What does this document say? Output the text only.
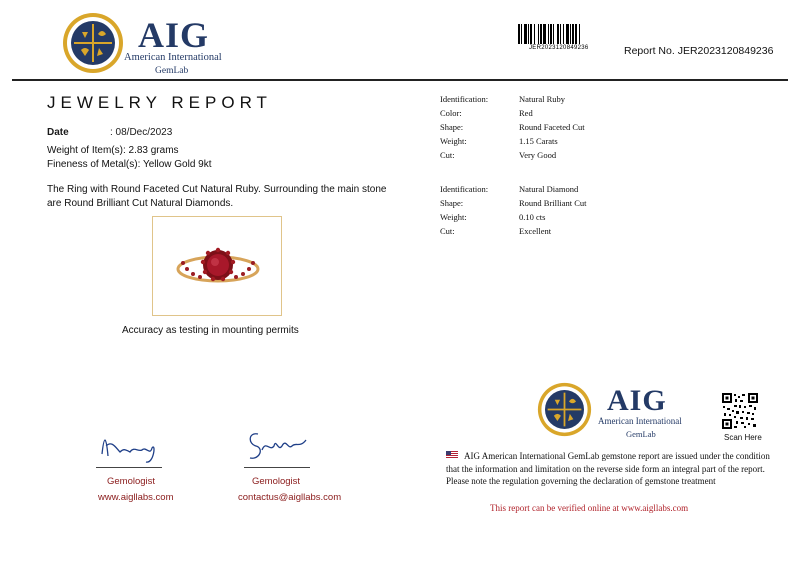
AIG
American International
GemLab
JER2023120849236	Report No. JER2023120849236
JEWELRY REPORT
Date	: 08/Dec/2023
Weight of Item(s): 2.83 grams
Fineness of Metal(s): Yellow Gold 9kt
The Ring with Round Faceted Cut Natural Ruby. Surrounding the main stone are Round Brilliant Cut Natural Diamonds.
Accuracy as testing in mounting permits
Identification:	Natural Ruby
Color:	Red
Shape:	Round Faceted Cut
Weight:	1.15 Carats
Cut:	Very Good
Identification:	Natural Diamond
Shape:	Round Brilliant Cut
Weight:	0.10 cts
Cut:	Excellent
Gemologist
www.aigllabs.com
Gemologist
contactus@aigllabs.com
AIG
American International
GemLab	Scan Here
AIG American International GemLab gemstone report are issued under the condition that the information and limitation on the reverse side form an integral part of the report. Please note the regulation governing the declaration of gemstone treatment
This report can be verified online at www.aigllabs.com
